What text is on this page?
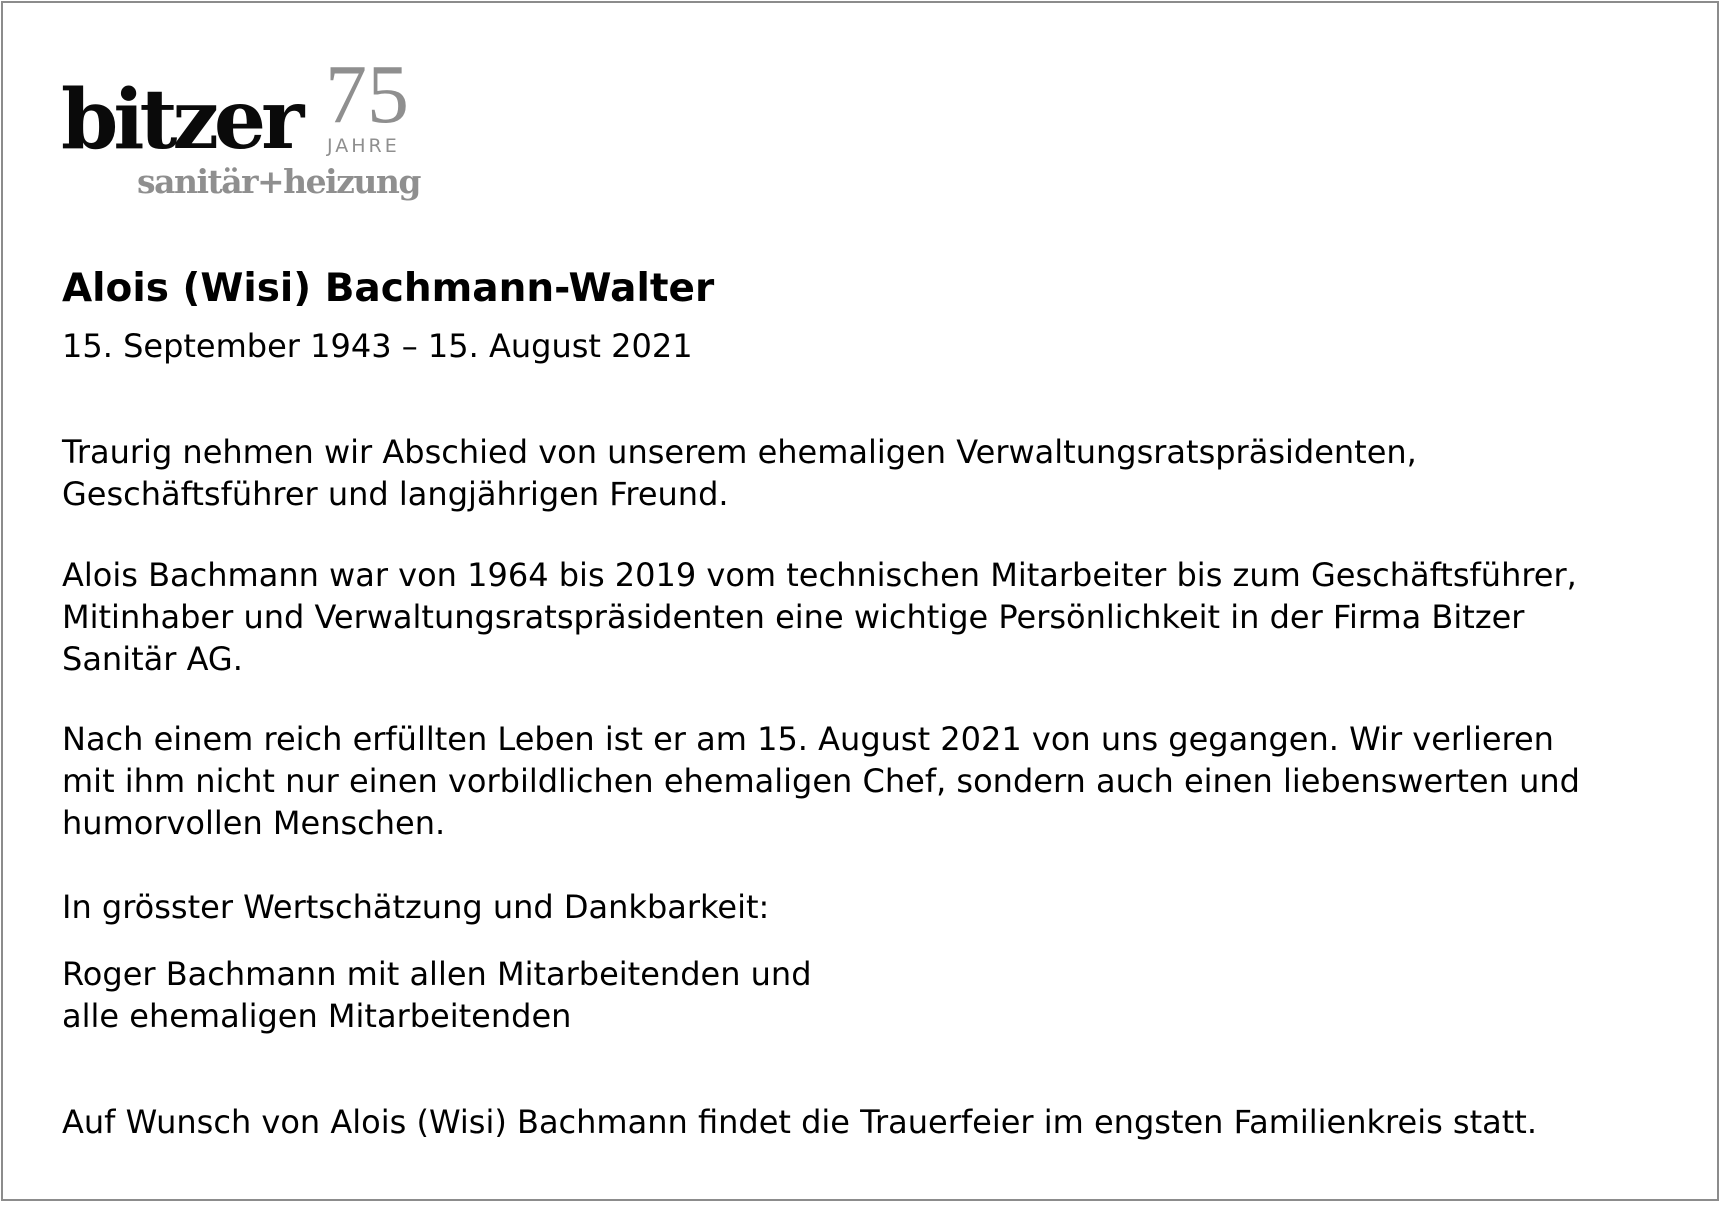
bitzer 75
JAHRE
sanitär+heizung
Alois (Wisi) Bachmann-Walter

15. September 1943 – 15. August 2021

Traurig nehmen wir Abschied von unserem ehemaligen Verwaltungsratspräsidenten,
Geschäftsführer und langjährigen Freund.

Alois Bachmann war von 1964 bis 2019 vom technischen Mitarbeiter bis zum Geschäftsführer,
Mitinhaber und Verwaltungsratspräsidenten eine wichtige Persönlichkeit in der Firma Bitzer
Sanitär AG.

Nach einem reich erfüllten Leben ist er am 15. August 2021 von uns gegangen. Wir verlieren
mit ihm nicht nur einen vorbildlichen ehemaligen Chef, sondern auch einen liebenswerten und
humorvollen Menschen.

In grösster Wertschätzung und Dankbarkeit:

Roger Bachmann mit allen Mitarbeitenden und
alle ehemaligen Mitarbeitenden

Auf Wunsch von Alois (Wisi) Bachmann findet die Trauerfeier im engsten Familienkreis statt.
